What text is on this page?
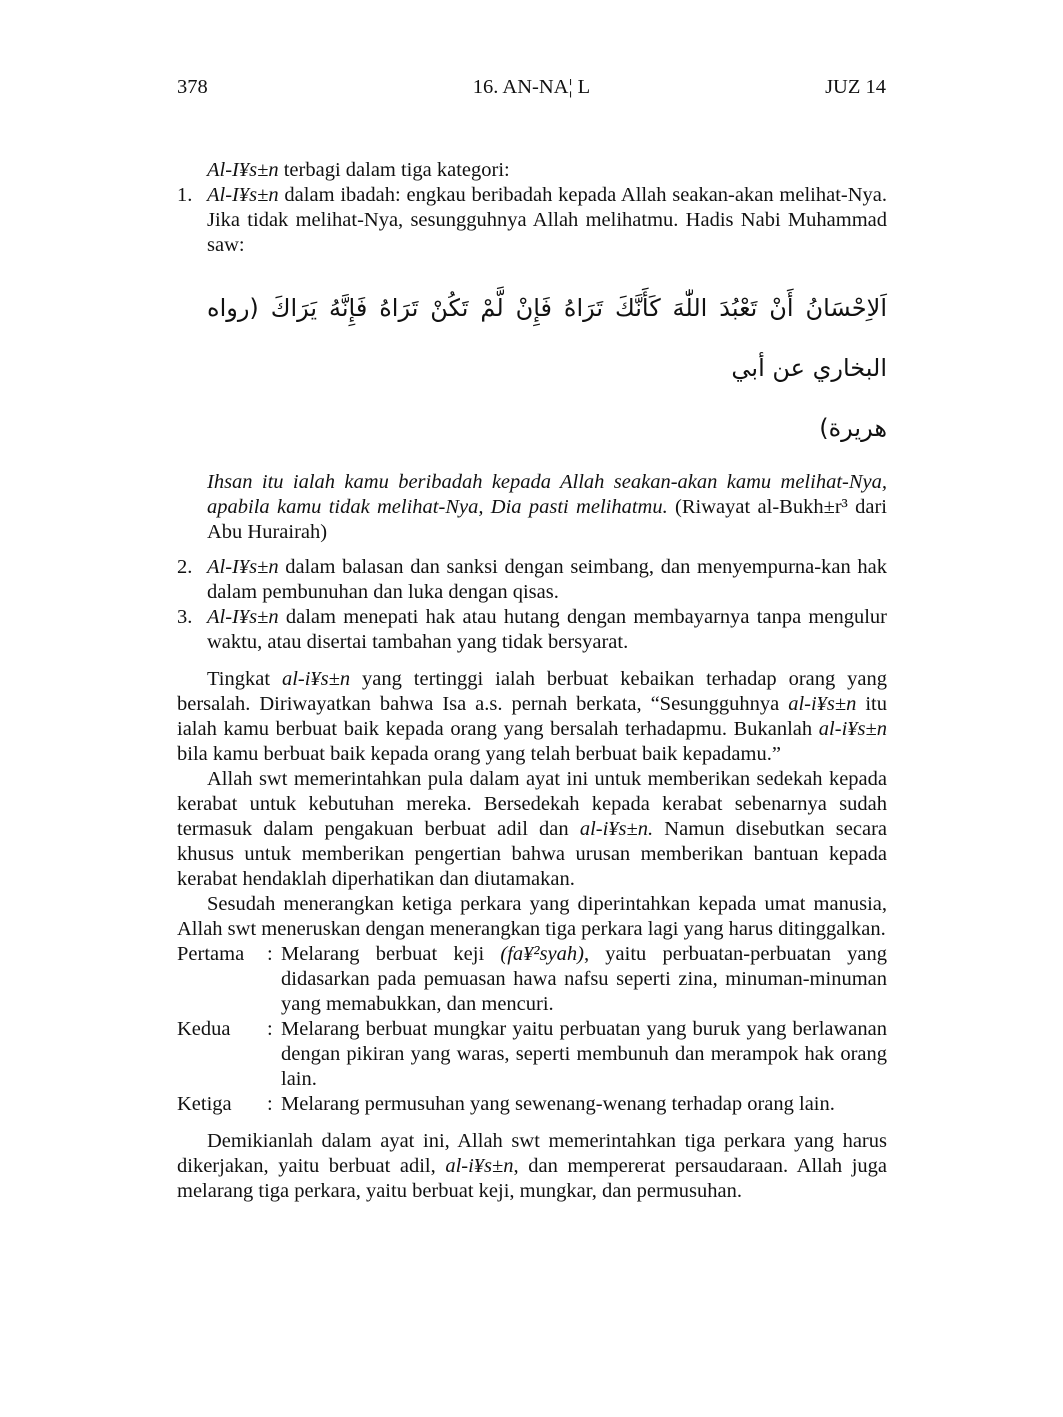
378	16. AN-NA¦ L	JUZ 14
Al-I¥s±n terbagi dalam tiga kategori:
1. Al-I¥s±n dalam ibadah: engkau beribadah kepada Allah seakan-akan melihat-Nya. Jika tidak melihat-Nya, sesungguhnya Allah melihatmu. Hadis Nabi Muhammad saw:
اَلاِحْسَانُ أَنْ تَعْبُدَ اللّٰهَ كَأَنَّكَ تَرَاهُ فَإِنْ لَّمْ تَكُنْ تَرَاهُ فَإِنَّهُ يَرَاكَ (رواه البخاري عن أبي
هريرة)
Ihsan itu ialah kamu beribadah kepada Allah seakan-akan kamu melihat-Nya, apabila kamu tidak melihat-Nya, Dia pasti melihatmu. (Riwayat al-Bukh±r³ dari Abu Hurairah)
2. Al-I¥s±n dalam balasan dan sanksi dengan seimbang, dan menyempurna-kan hak dalam pembunuhan dan luka dengan qisas.
3. Al-I¥s±n dalam menepati hak atau hutang dengan membayarnya tanpa mengulur waktu, atau disertai tambahan yang tidak bersyarat.

Tingkat al-i¥s±n yang tertinggi ialah berbuat kebaikan terhadap orang yang bersalah. Diriwayatkan bahwa Isa a.s. pernah berkata, “Sesungguhnya al-i¥s±n itu ialah kamu berbuat baik kepada orang yang bersalah terhadapmu. Bukanlah al-i¥s±n bila kamu berbuat baik kepada orang yang telah berbuat baik kepadamu.”

Allah swt memerintahkan pula dalam ayat ini untuk memberikan sedekah kepada kerabat untuk kebutuhan mereka. Bersedekah kepada kerabat sebenarnya sudah termasuk dalam pengakuan berbuat adil dan al-i¥s±n. Namun disebutkan secara khusus untuk memberikan pengertian bahwa urusan memberikan bantuan kepada kerabat hendaklah diperhatikan dan diutamakan.

Sesudah menerangkan ketiga perkara yang diperintahkan kepada umat manusia, Allah swt meneruskan dengan menerangkan tiga perkara lagi yang harus ditinggalkan.

Pertama	: Melarang berbuat keji (fa¥²syah), yaitu perbuatan-perbuatan yang didasarkan pada pemuasan hawa nafsu seperti zina, minuman-minuman yang memabukkan, dan mencuri.
Kedua	: Melarang berbuat mungkar yaitu perbuatan yang buruk yang berlawanan dengan pikiran yang waras, seperti membunuh dan merampok hak orang lain.
Ketiga	: Melarang permusuhan yang sewenang-wenang terhadap orang lain.

Demikianlah dalam ayat ini, Allah swt memerintahkan tiga perkara yang harus dikerjakan, yaitu berbuat adil, al-i¥s±n, dan mempererat persaudaraan. Allah juga melarang tiga perkara, yaitu berbuat keji, mungkar, dan permusuhan.
